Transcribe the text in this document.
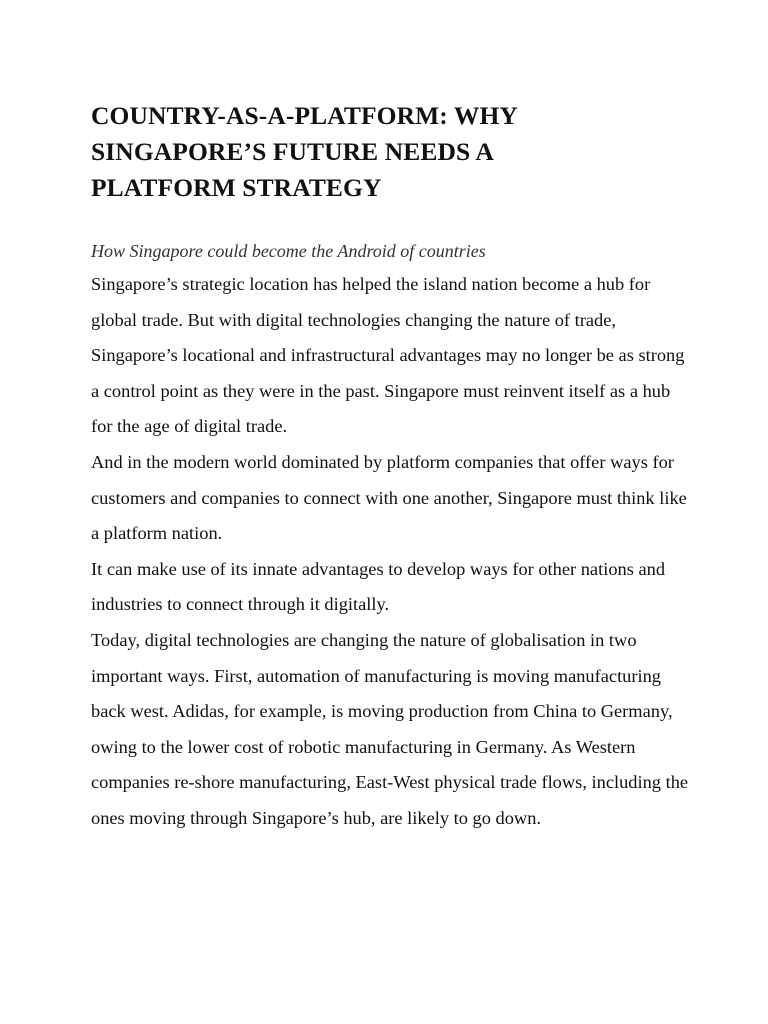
COUNTRY-AS-A-PLATFORM: WHY SINGAPORE’S FUTURE NEEDS A PLATFORM STRATEGY

How Singapore could become the Android of countries

Singapore’s strategic location has helped the island nation become a hub for global trade. But with digital technologies changing the nature of trade, Singapore’s locational and infrastructural advantages may no longer be as strong a control point as they were in the past. Singapore must reinvent itself as a hub for the age of digital trade.

And in the modern world dominated by platform companies that offer ways for customers and companies to connect with one another, Singapore must think like a platform nation.

It can make use of its innate advantages to develop ways for other nations and industries to connect through it digitally.

Today, digital technologies are changing the nature of globalisation in two important ways. First, automation of manufacturing is moving manufacturing back west. Adidas, for example, is moving production from China to Germany, owing to the lower cost of robotic manufacturing in Germany. As Western companies re-shore manufacturing, East-West physical trade flows, including the ones moving through Singapore’s hub, are likely to go down.
